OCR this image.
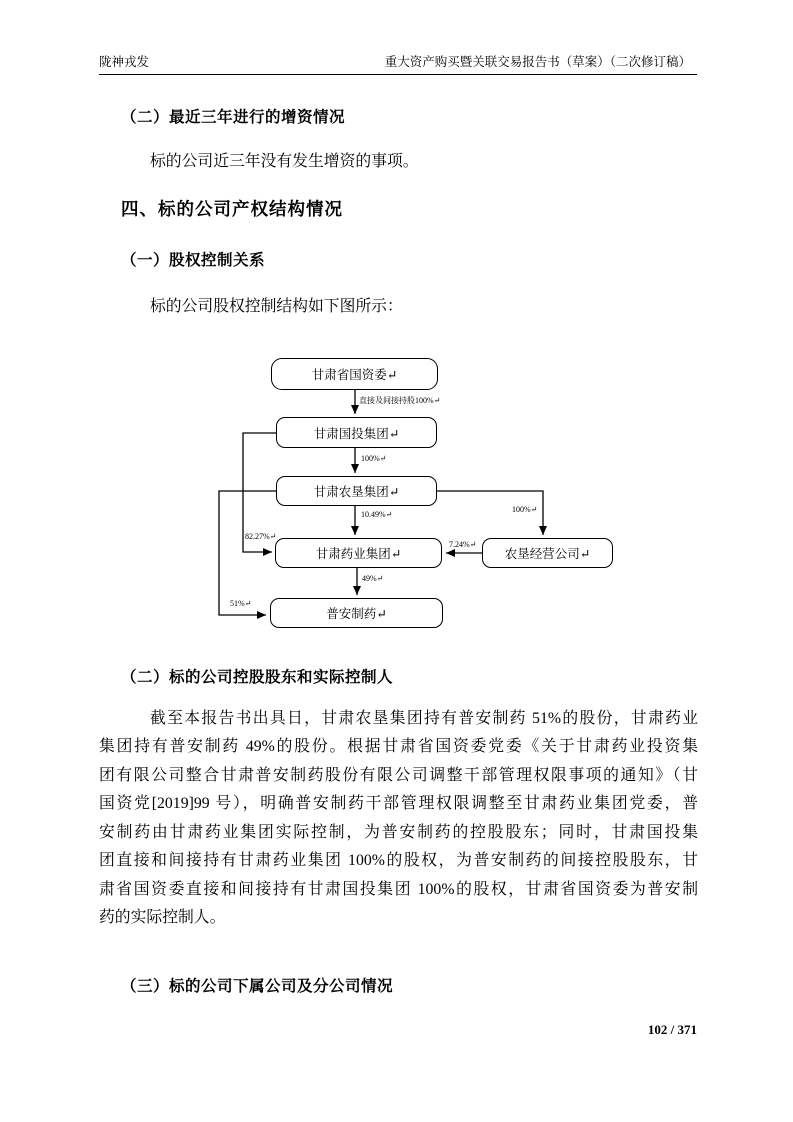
陇神戎发	重大资产购买暨关联交易报告书（草案）（二次修订稿）
（二）最近三年进行的增资情况
标的公司近三年没有发生增资的事项。
四、标的公司产权结构情况
（一）股权控制关系
标的公司股权控制结构如下图所示：
甘肃省国资委↵
甘肃国投集团↵
甘肃农垦集团↵
甘肃药业集团↵	农垦经营公司↵
普安制药↵
直接及间接持股100%↵
100%↵
10.49%↵
100%↵
7.24%↵
82.27%↵
49%↵
51%↵
（二）标的公司控股股东和实际控制人
截至本报告书出具日，甘肃农垦集团持有普安制药 51%的股份，甘肃药业
集团持有普安制药 49%的股份。根据甘肃省国资委党委《关于甘肃药业投资集
团有限公司整合甘肃普安制药股份有限公司调整干部管理权限事项的通知》（甘
国资党[2019]99 号），明确普安制药干部管理权限调整至甘肃药业集团党委，普
安制药由甘肃药业集团实际控制，为普安制药的控股股东；同时，甘肃国投集
团直接和间接持有甘肃药业集团 100%的股权，为普安制药的间接控股股东，甘
肃省国资委直接和间接持有甘肃国投集团 100%的股权，甘肃省国资委为普安制
药的实际控制人。
（三）标的公司下属公司及分公司情况
102 / 371
